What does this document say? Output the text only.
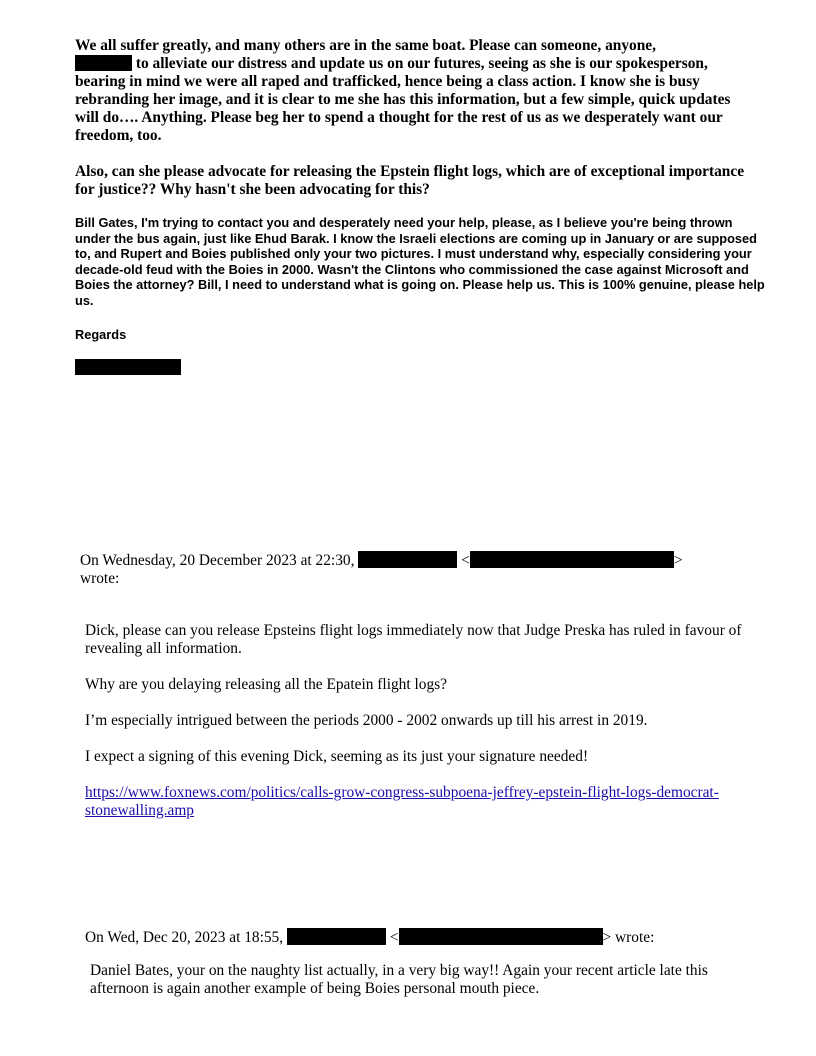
We all suffer greatly, and many others are in the same boat. Please can someone, anyone,
to alleviate our distress and update us on our futures, seeing as she is our spokesperson, bearing in mind we were all raped and trafficked, hence being a class action. I know she is busy rebranding her image, and it is clear to me she has this information, but a few simple, quick updates will do…. Anything. Please beg her to spend a thought for the rest of us as we desperately want our freedom, too.

Also, can she please advocate for releasing the Epstein flight logs, which are of exceptional importance for justice?? Why hasn't she been advocating for this?

Bill Gates, I'm trying to contact you and desperately need your help, please, as I believe you're being thrown under the bus again, just like Ehud Barak. I know the Israeli elections are coming up in January or are supposed to, and Rupert and Boies published only your two pictures. I must understand why, especially considering your decade-old feud with the Boies in 2000. Wasn't the Clintons who commissioned the case against Microsoft and Boies the attorney? Bill, I need to understand what is going on. Please help us. This is 100% genuine, please help us.

Regards

On Wednesday, 20 December 2023 at 22:30,	<	>
wrote:

Dick, please can you release Epsteins flight logs immediately now that Judge Preska has ruled in favour of revealing all information.

Why are you delaying releasing all the Epatein flight logs?

I’m especially intrigued between the periods 2000 - 2002 onwards up till his arrest in 2019.

I expect a signing of this evening Dick, seeming as its just your signature needed!

https://www.foxnews.com/politics/calls-grow-congress-subpoena-jeffrey-epstein-flight-logs-democrat-stonewalling.amp

On Wed, Dec 20, 2023 at 18:55,	<	> wrote:

Daniel Bates, your on the naughty list actually, in a very big way!! Again your recent article late this afternoon is again another example of being Boies personal mouth piece.
